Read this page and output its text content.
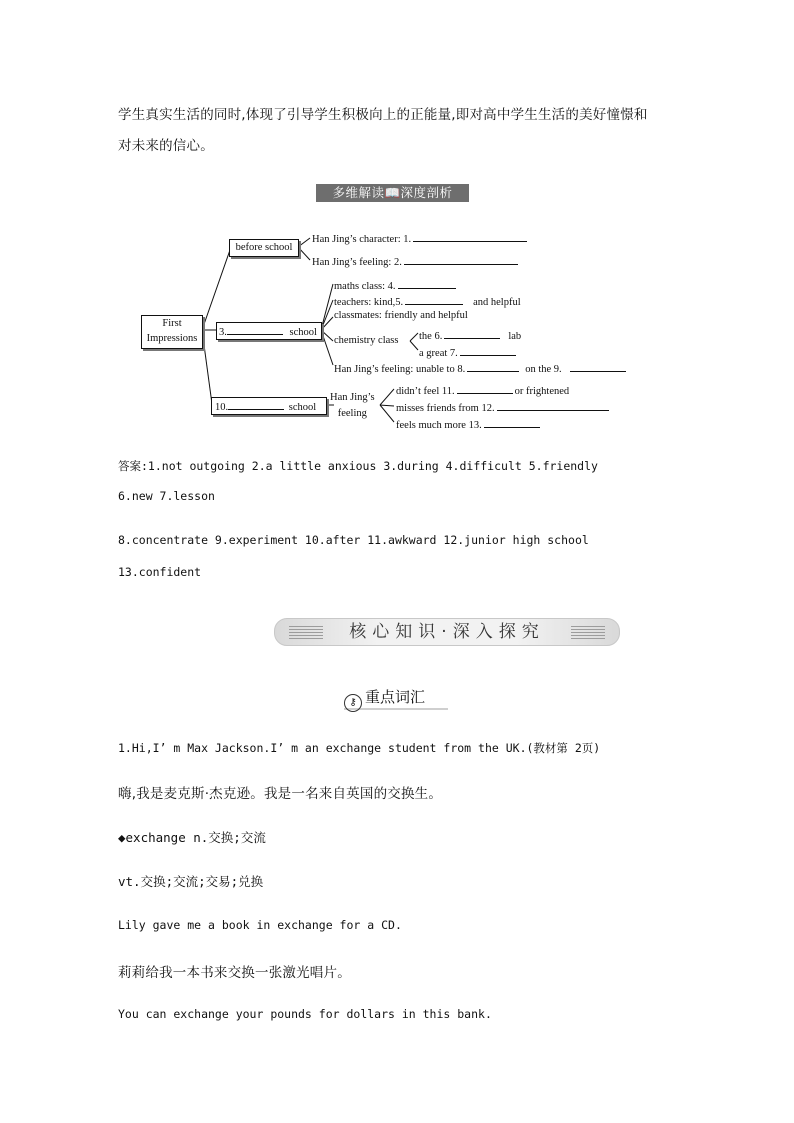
学生真实生活的同时,体现了引导学生积极向上的正能量,即对高中学生生活的美好憧憬和
对未来的信心。
多维解读📖深度剖析
First
Impressions
before school
Han Jing’s character: 1.
Han Jing’s feeling: 2.
3.	school
maths class: 4.
teachers: kind,5.	and helpful
classmates: friendly and helpful
chemistry class the 6.	lab
a great 7.
Han Jing’s feeling: unable to 8.	on the 9.
10.	school
Han Jing’s
feeling
didn’t feel 11.	or frightened
misses friends from 12.
feels much more 13.
答案:1.not outgoing 2.a little anxious 3.during 4.difficult 5.friendly
6.new 7.lesson
8.concentrate 9.experiment 10.after 11.awkward 12.junior high school
13.confident
核心知识·深入探究
⚷ 重点词汇
1.Hi,I’ m Max Jackson.I’ m an exchange student from the UK.(教材第 2页)
嗨,我是麦克斯·杰克逊。我是一名来自英国的交换生。
◆exchange n.交换;交流
vt.交换;交流;交易;兑换
Lily gave me a book in exchange for a CD.
莉莉给我一本书来交换一张激光唱片。
You can exchange your pounds for dollars in this bank.
